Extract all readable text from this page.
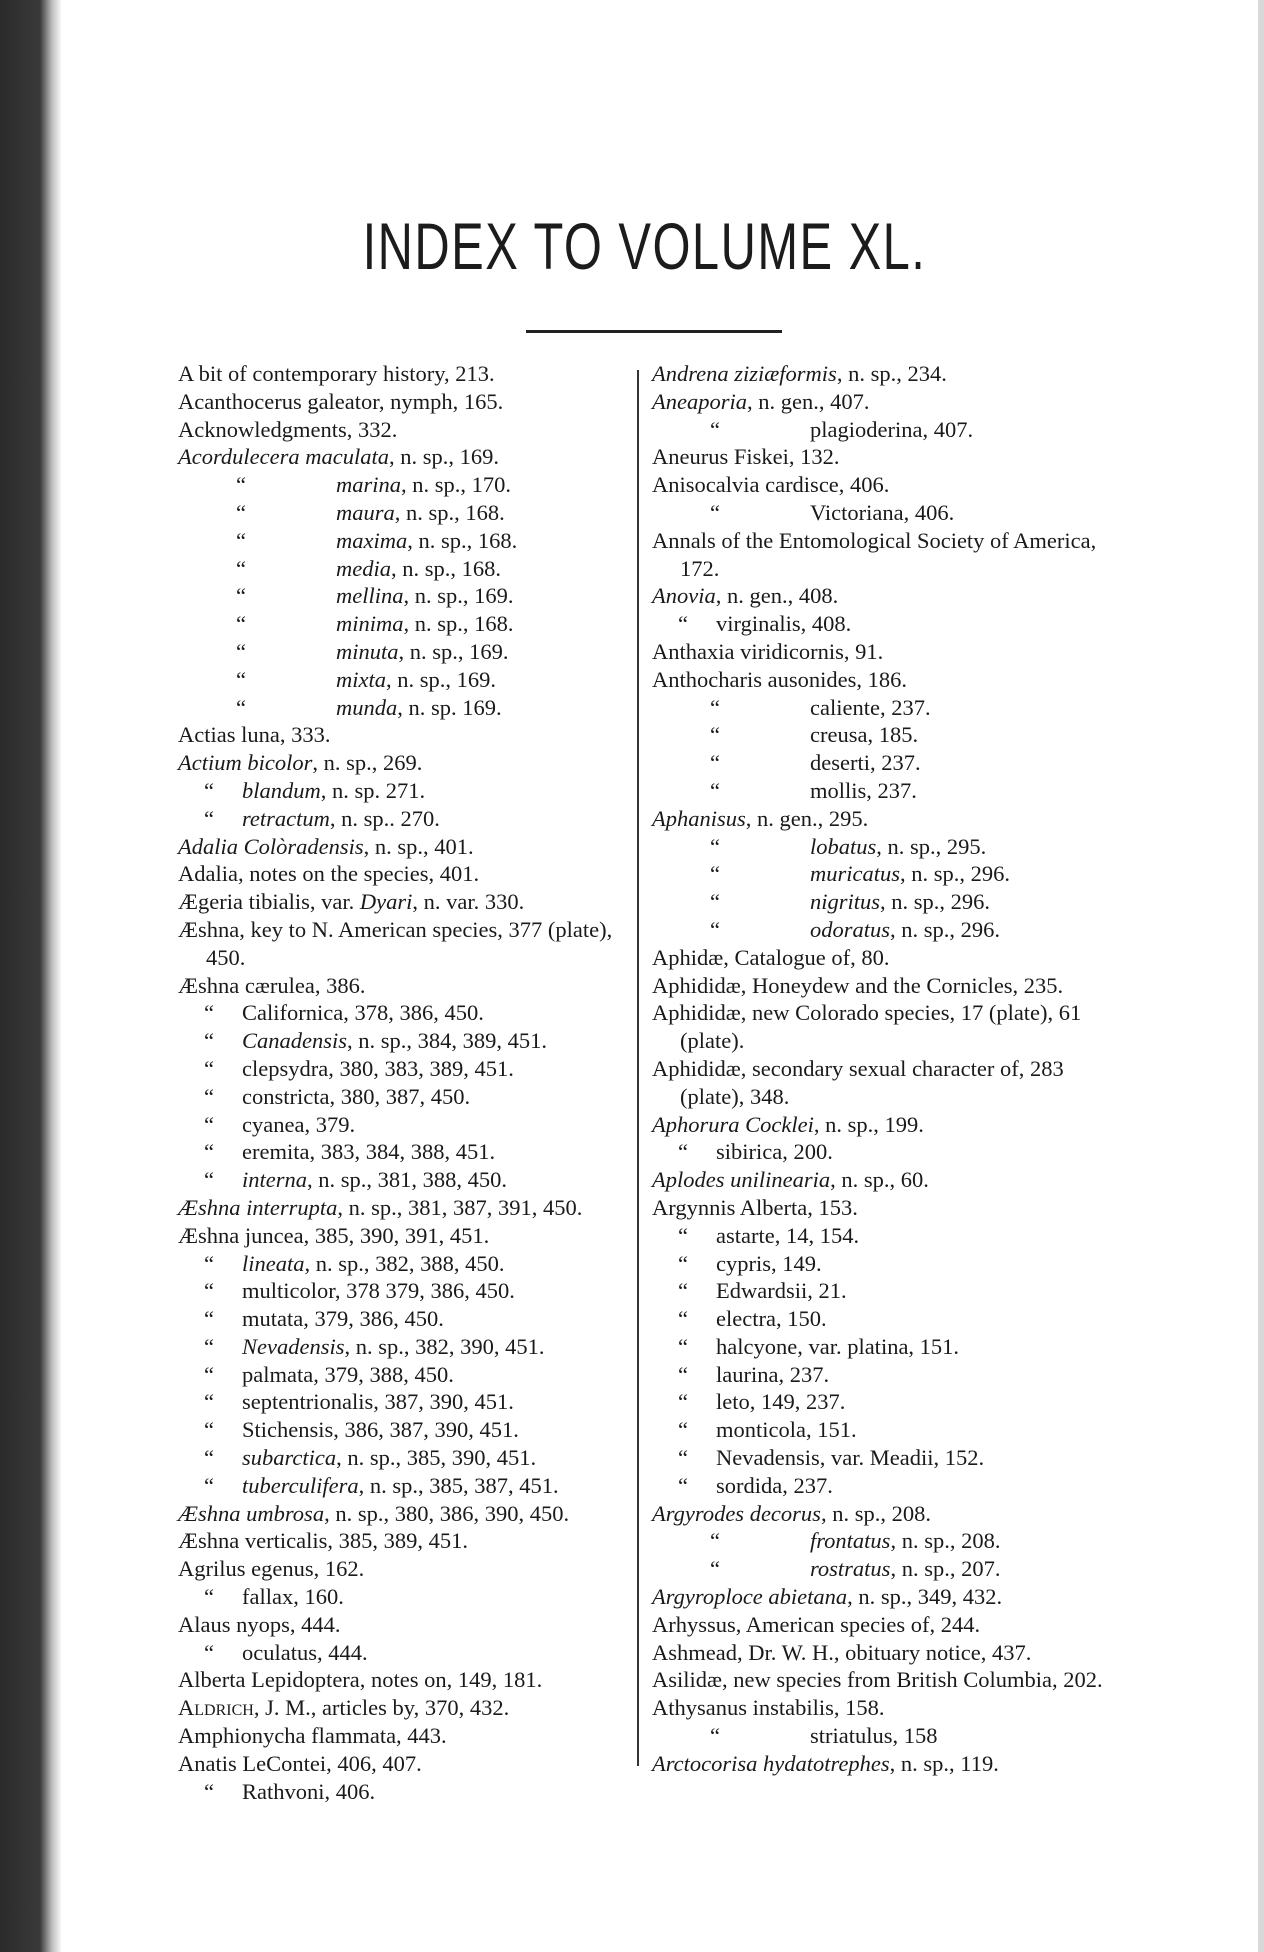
INDEX TO VOLUME XL.
A bit of contemporary history, 213.
Acanthocerus galeator, nymph, 165.
Acknowledgments, 332.
Acordulecera maculata, n. sp., 169.
“	marina, n. sp., 170.
“	maura, n. sp., 168.
“	maxima, n. sp., 168.
“	media, n. sp., 168.
“	mellina, n. sp., 169.
“	minima, n. sp., 168.
“	minuta, n. sp., 169.
“	mixta, n. sp., 169.
“	munda, n. sp. 169.
Actias luna, 333.
Actium bicolor, n. sp., 269.
“ blandum, n. sp. 271.
“ retractum, n. sp.. 270.
Adalia Colòradensis, n. sp., 401.
Adalia, notes on the species, 401.
Ægeria tibialis, var. Dyari, n. var. 330.
Æshna, key to N. American species, 377 (plate), 450.
Æshna cærulea, 386.
“ Californica, 378, 386, 450.
“ Canadensis, n. sp., 384, 389, 451.
“ clepsydra, 380, 383, 389, 451.
“ constricta, 380, 387, 450.
“ cyanea, 379.
“ eremita, 383, 384, 388, 451.
“ interna, n. sp., 381, 388, 450.
Æshna interrupta, n. sp., 381, 387, 391, 450.
Æshna juncea, 385, 390, 391, 451.
“ lineata, n. sp., 382, 388, 450.
“ multicolor, 378 379, 386, 450.
“ mutata, 379, 386, 450.
“ Nevadensis, n. sp., 382, 390, 451.
“ palmata, 379, 388, 450.
“ septentrionalis, 387, 390, 451.
“ Stichensis, 386, 387, 390, 451.
“ subarctica, n. sp., 385, 390, 451.
“ tuberculifera, n. sp., 385, 387, 451.
Æshna umbrosa, n. sp., 380, 386, 390, 450.
Æshna verticalis, 385, 389, 451.
Agrilus egenus, 162.
“ fallax, 160.
Alaus nyops, 444.
“ oculatus, 444.
Alberta Lepidoptera, notes on, 149, 181.
Aldrich, J. M., articles by, 370, 432.
Amphionycha flammata, 443.
Anatis LeContei, 406, 407.
“ Rathvoni, 406.
Andrena ziziæformis, n. sp., 234.
Aneaporia, n. gen., 407.
“	plagioderina, 407.
Aneurus Fiskei, 132.
Anisocalvia cardisce, 406.
“	Victoriana, 406.
Annals of the Entomological Society of America, 172.
Anovia, n. gen., 408.
“ virginalis, 408.
Anthaxia viridicornis, 91.
Anthocharis ausonides, 186.
“	caliente, 237.
“	creusa, 185.
“	deserti, 237.
“	mollis, 237.
Aphanisus, n. gen., 295.
“	lobatus, n. sp., 295.
“	muricatus, n. sp., 296.
“	nigritus, n. sp., 296.
“	odoratus, n. sp., 296.
Aphidæ, Catalogue of, 80.
Aphididæ, Honeydew and the Cornicles, 235.
Aphididæ, new Colorado species, 17 (plate), 61 (plate).
Aphididæ, secondary sexual character of, 283 (plate), 348.
Aphorura Cocklei, n. sp., 199.
“ sibirica, 200.
Aplodes unilinearia, n. sp., 60.
Argynnis Alberta, 153.
“ astarte, 14, 154.
“ cypris, 149.
“ Edwardsii, 21.
“ electra, 150.
“ halcyone, var. platina, 151.
“ laurina, 237.
“ leto, 149, 237.
“ monticola, 151.
“ Nevadensis, var. Meadii, 152.
“ sordida, 237.
Argyrodes decorus, n. sp., 208.
“	frontatus, n. sp., 208.
“	rostratus, n. sp., 207.
Argyroploce abietana, n. sp., 349, 432.
Arhyssus, American species of, 244.
Ashmead, Dr. W. H., obituary notice, 437.
Asilidæ, new species from British Columbia, 202.
Athysanus instabilis, 158.
“	striatulus, 158
Arctocorisa hydatotrephes, n. sp., 119.
